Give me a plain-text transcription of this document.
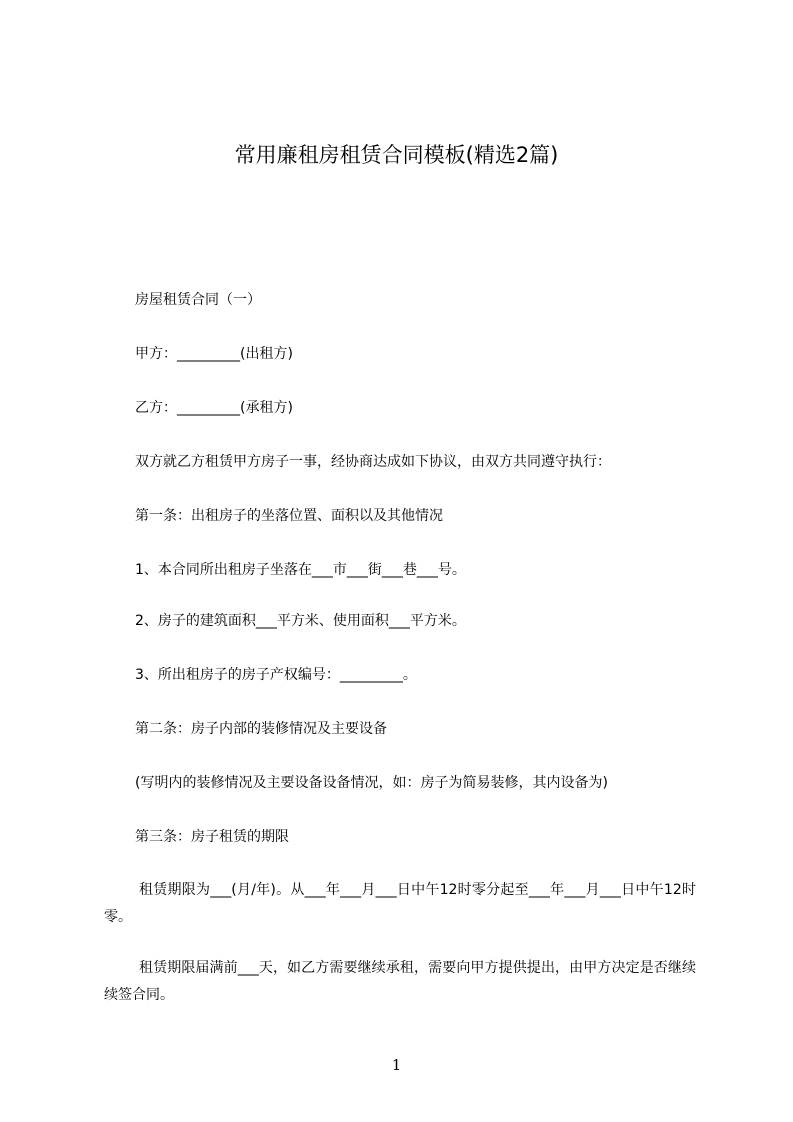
常用廉租房租赁合同模板(精选2篇)
房屋租赁合同（一）
甲方：_________(出租方)
乙方：_________(承租方)
双方就乙方租赁甲方房子一事，经协商达成如下协议，由双方共同遵守执行：
第一条：出租房子的坐落位置、面积以及其他情况
1、本合同所出租房子坐落在___市___街___巷___号。
2、房子的建筑面积___平方米、使用面积___平方米。
3、所出租房子的房子产权编号：_________。
第二条：房子内部的装修情况及主要设备
(写明内的装修情况及主要设备设备情况，如：房子为简易装修，其内设备为)
第三条：房子租赁的期限
租赁期限为___(月/年)。从___年___月___日中午12时零分起至___年___月___日中午12时零。
租赁期限届满前___天，如乙方需要继续承租，需要向甲方提供提出，由甲方决定是否继续续签合同。
1
